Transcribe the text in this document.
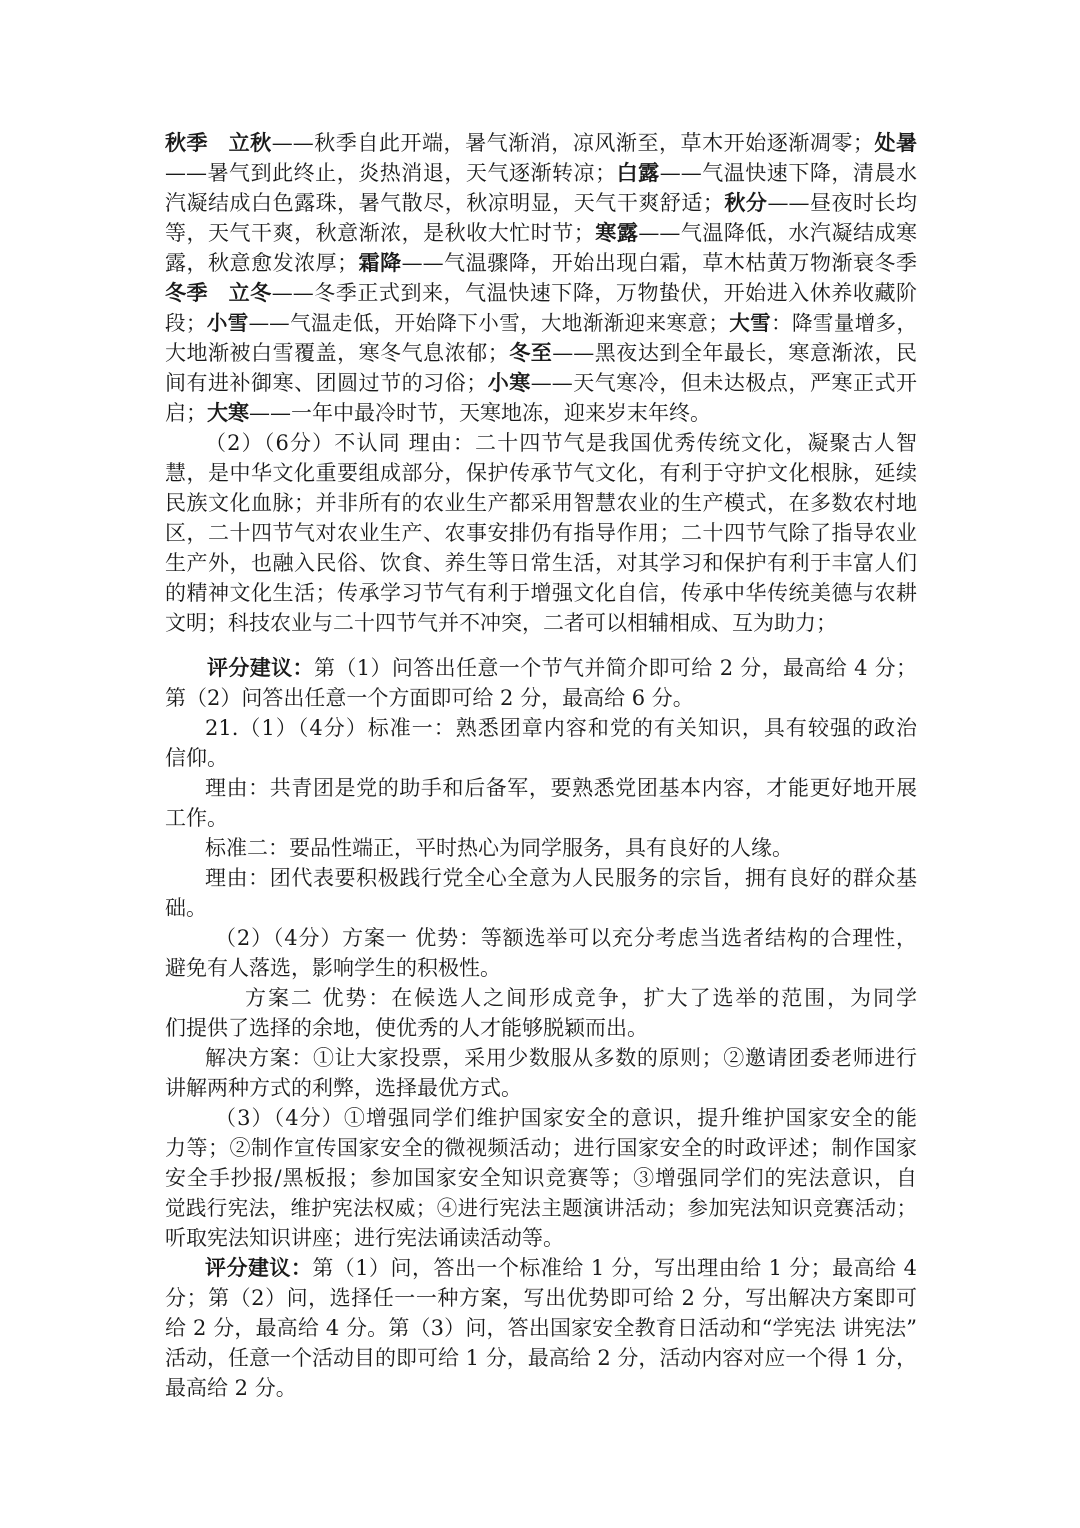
秋季 立秋——秋季自此开端，暑气渐消，凉风渐至，草木开始逐渐凋零；处暑
——暑气到此终止，炎热消退，天气逐渐转凉；白露——气温快速下降，清晨水
汽凝结成白色露珠，暑气散尽，秋凉明显，天气干爽舒适；秋分——昼夜时长均
等，天气干爽，秋意渐浓，是秋收大忙时节；寒露——气温降低，水汽凝结成寒
露，秋意愈发浓厚；霜降——气温骤降，开始出现白霜，草木枯黄万物渐衰冬季
冬季 立冬——冬季正式到来，气温快速下降，万物蛰伏，开始进入休养收藏阶
段；小雪——气温走低，开始降下小雪，大地渐渐迎来寒意；大雪：降雪量增多，
大地渐被白雪覆盖，寒冬气息浓郁；冬至——黑夜达到全年最长，寒意渐浓，民
间有进补御寒、团圆过节的习俗；小寒——天气寒冷，但未达极点，严寒正式开
启；大寒——一年中最冷时节，天寒地冻，迎来岁末年终。
（2）（6分）不认同 理由：二十四节气是我国优秀传统文化，凝聚古人智
慧，是中华文化重要组成部分，保护传承节气文化，有利于守护文化根脉，延续
民族文化血脉；并非所有的农业生产都采用智慧农业的生产模式，在多数农村地
区，二十四节气对农业生产、农事安排仍有指导作用；二十四节气除了指导农业
生产外，也融入民俗、饮食、养生等日常生活，对其学习和保护有利于丰富人们
的精神文化生活；传承学习节气有利于增强文化自信，传承中华传统美德与农耕
文明；科技农业与二十四节气并不冲突，二者可以相辅相成、互为助力；
评分建议：第（1）问答出任意一个节气并简介即可给 2 分，最高给 4 分；
第（2）问答出任意一个方面即可给 2 分，最高给 6 分。
21.（1）（4分）标准一：熟悉团章内容和党的有关知识，具有较强的政治
信仰。
理由：共青团是党的助手和后备军，要熟悉党团基本内容，才能更好地开展
工作。
标准二：要品性端正，平时热心为同学服务，具有良好的人缘。
理由：团代表要积极践行党全心全意为人民服务的宗旨，拥有良好的群众基
础。
（2）（4分）方案一 优势：等额选举可以充分考虑当选者结构的合理性，
避免有人落选，影响学生的积极性。
方案二 优势：在候选人之间形成竞争，扩大了选举的范围，为同学
们提供了选择的余地，使优秀的人才能够脱颖而出。
解决方案：①让大家投票，采用少数服从多数的原则；②邀请团委老师进行
讲解两种方式的利弊，选择最优方式。
（3）（4分）①增强同学们维护国家安全的意识，提升维护国家安全的能
力等；②制作宣传国家安全的微视频活动；进行国家安全的时政评述；制作国家
安全手抄报/黑板报；参加国家安全知识竞赛等；③增强同学们的宪法意识，自
觉践行宪法，维护宪法权威；④进行宪法主题演讲活动；参加宪法知识竞赛活动；
听取宪法知识讲座；进行宪法诵读活动等。
评分建议：第（1）问，答出一个标准给 1 分，写出理由给 1 分；最高给 4
分；第（2）问，选择任一一种方案，写出优势即可给 2 分，写出解决方案即可
给 2 分，最高给 4 分。第（3）问，答出国家安全教育日活动和“学宪法 讲宪法”
活动，任意一个活动目的即可给 1 分，最高给 2 分，活动内容对应一个得 1 分，
最高给 2 分。
